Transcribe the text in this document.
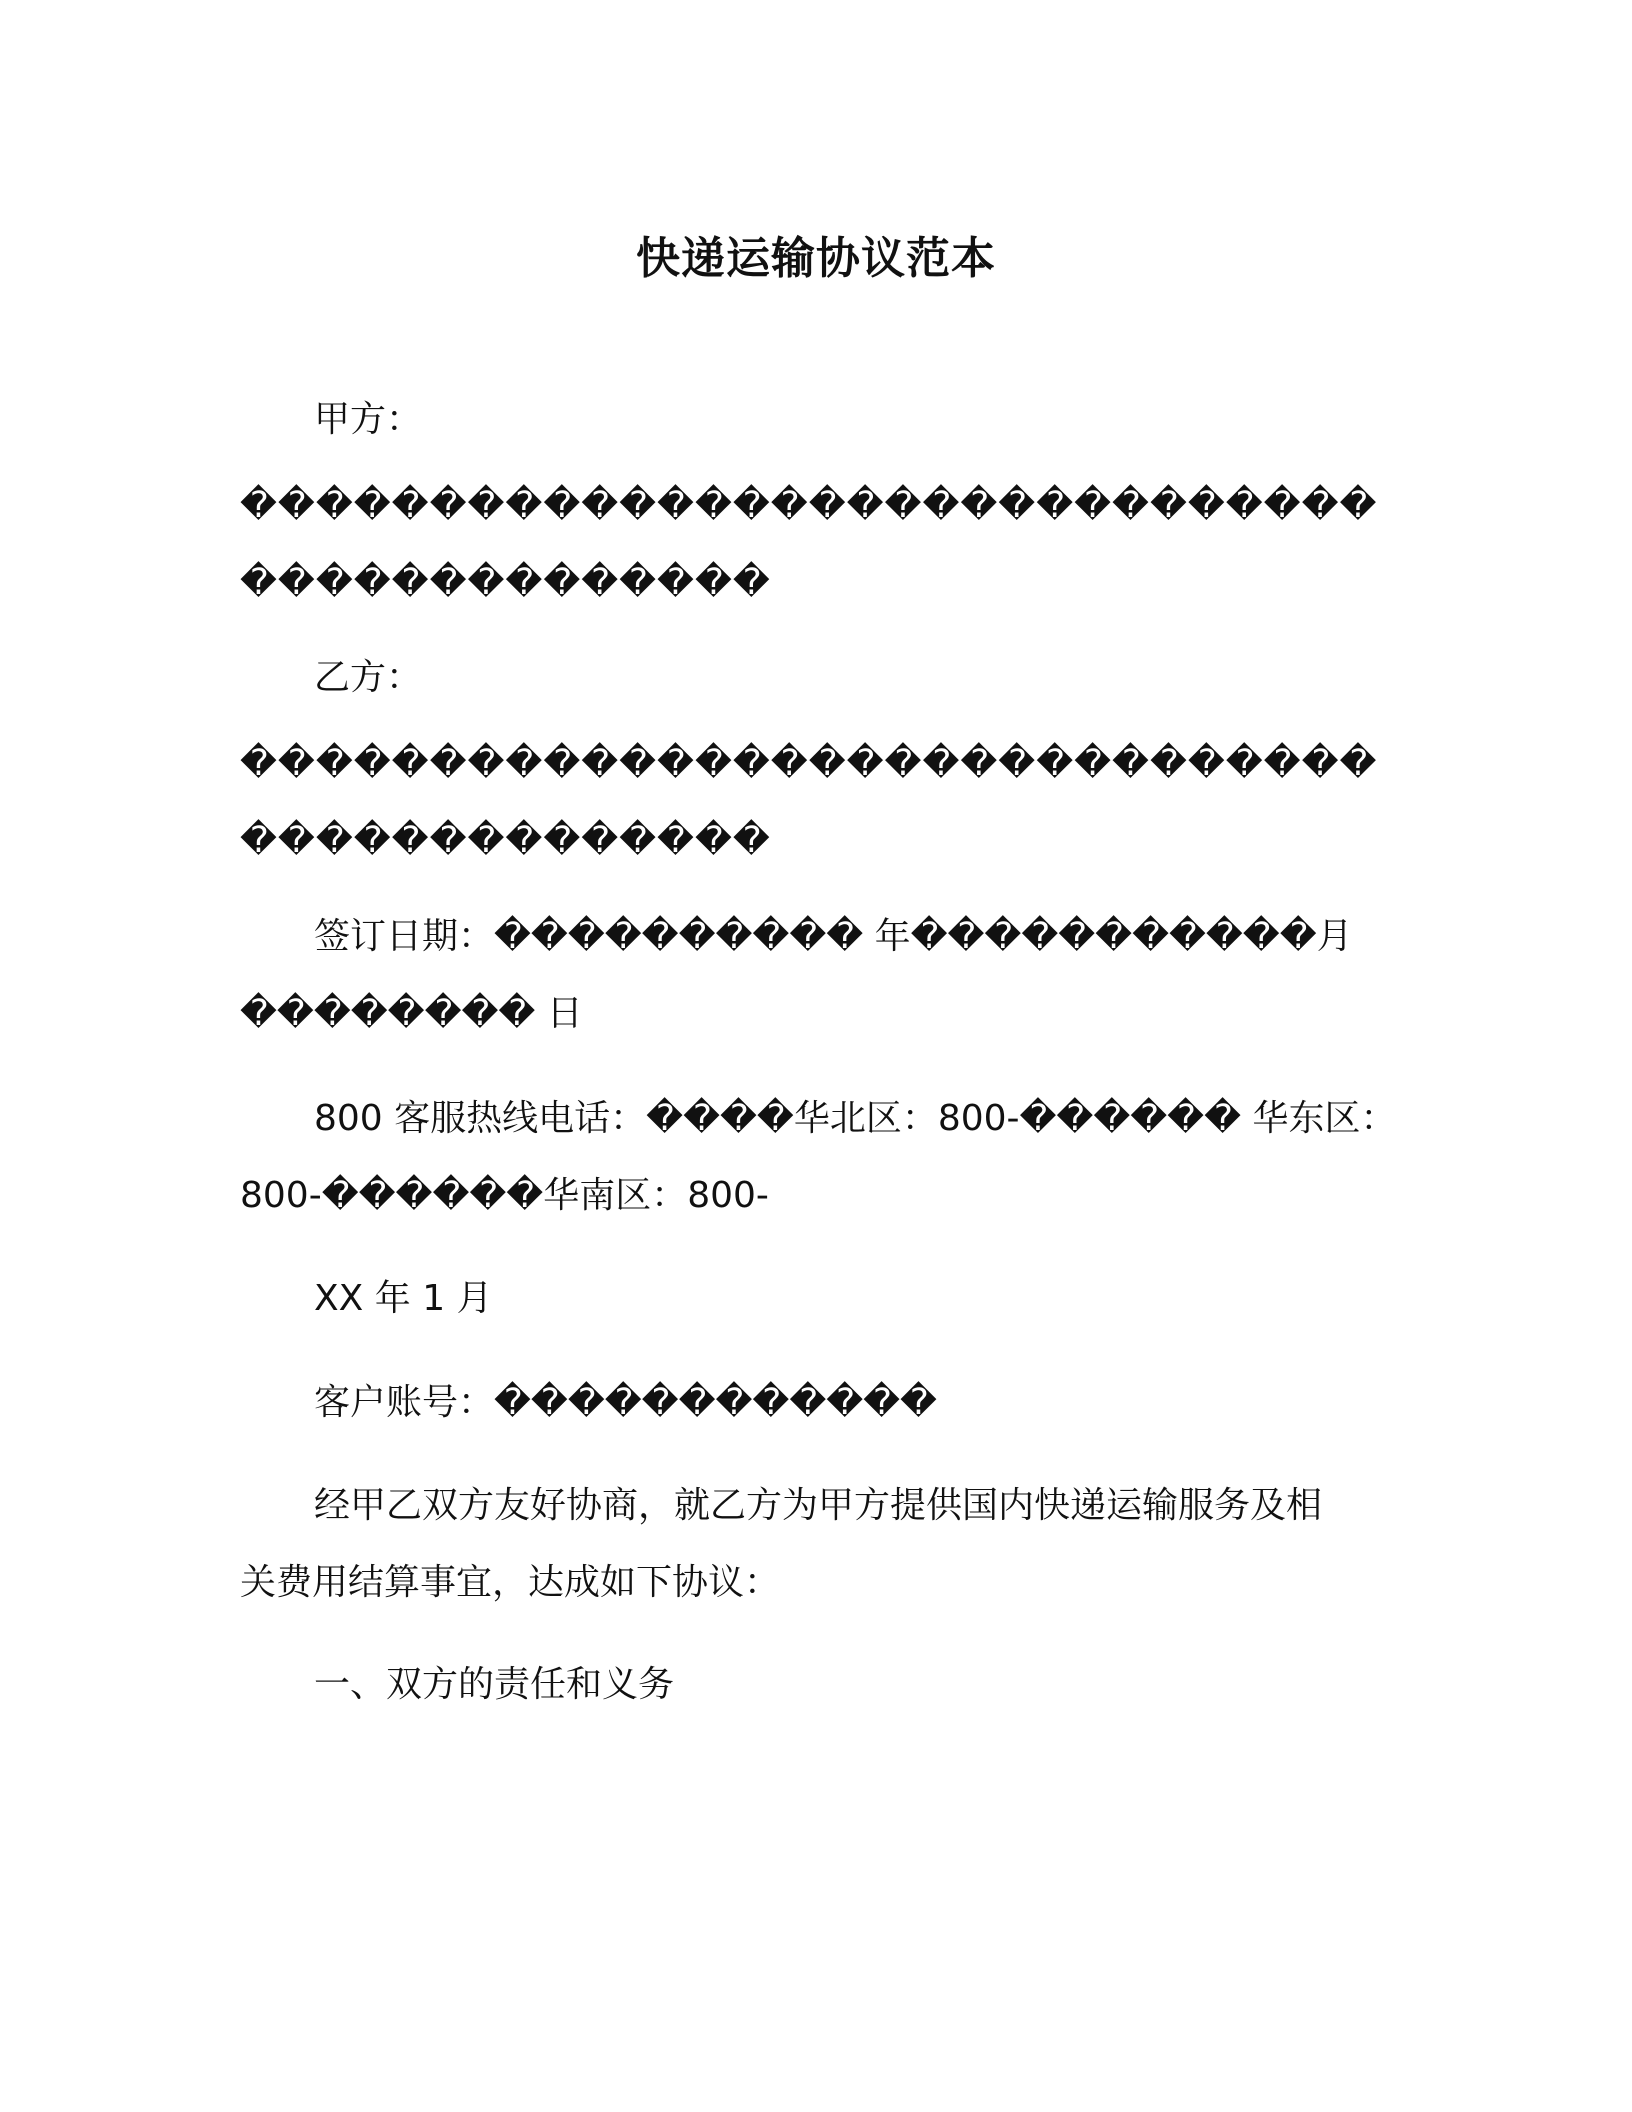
快递运输协议范本
甲方：
������������������������������
��������������
乙方：
������������������������������
��������������
签订日期：���������� 年�����������月
�������� 日
800 客服热线电话：����华北区：800-������ 华东区：
800-������华南区：800-
XX 年 1 月
客户账号：������������
经甲乙双方友好协商，就乙方为甲方提供国内快递运输服务及相
关费用结算事宜，达成如下协议：
一、双方的责任和义务
